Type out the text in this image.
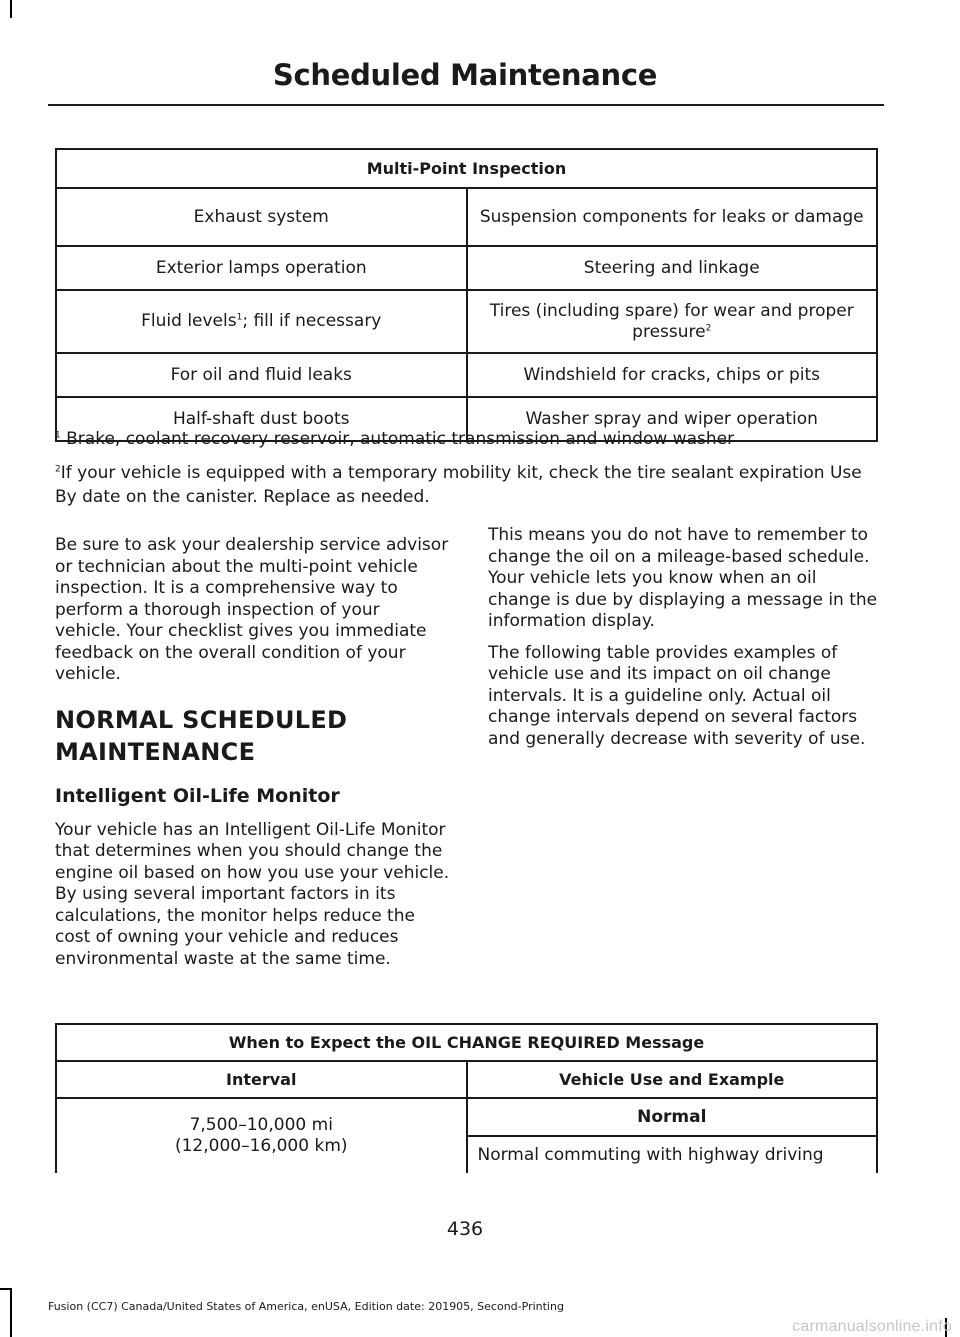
Scheduled Maintenance
Multi-Point Inspection	
Exhaust system	Suspension components for leaks or damage
Exterior lamps operation	Steering and linkage
Fluid levels$^1$; fill if necessary	Tires (including spare) for wear and proper pressure$^2$
For oil and fluid leaks	Windshield for cracks, chips or pits
Half-shaft dust boots	Washer spray and wiper operation
$^1$ Brake, coolant recovery reservoir, automatic transmission and window washer
$^2$If your vehicle is equipped with a temporary mobility kit, check the tire sealant expiration Use By date on the canister. Replace as needed.

Be sure to ask your dealership service advisor or technician about the multi-point vehicle inspection. It is a comprehensive way to perform a thorough inspection of your vehicle. Your checklist gives you immediate feedback on the overall condition of your vehicle.

NORMAL SCHEDULED MAINTENANCE
Intelligent Oil-Life Monitor

Your vehicle has an Intelligent Oil-Life Monitor that determines when you should change the engine oil based on how you use your vehicle. By using several important factors in its calculations, the monitor helps reduce the cost of owning your vehicle and reduces environmental waste at the same time.

This means you do not have to remember to change the oil on a mileage-based schedule. Your vehicle lets you know when an oil change is due by displaying a message in the information display.

The following table provides examples of vehicle use and its impact on oil change intervals. It is a guideline only. Actual oil change intervals depend on several factors and generally decrease with severity of use.

When to Expect the OIL CHANGE REQUIRED Message	
Interval	Vehicle Use and Example

7,500–10,000 mi
(12,000–16,000 km)	Normal
	Normal commuting with highway driving
436
Fusion (CC7) Canada/United States of America, enUSA, Edition date: 201905, Second-Printing
carmanualsonline.info
